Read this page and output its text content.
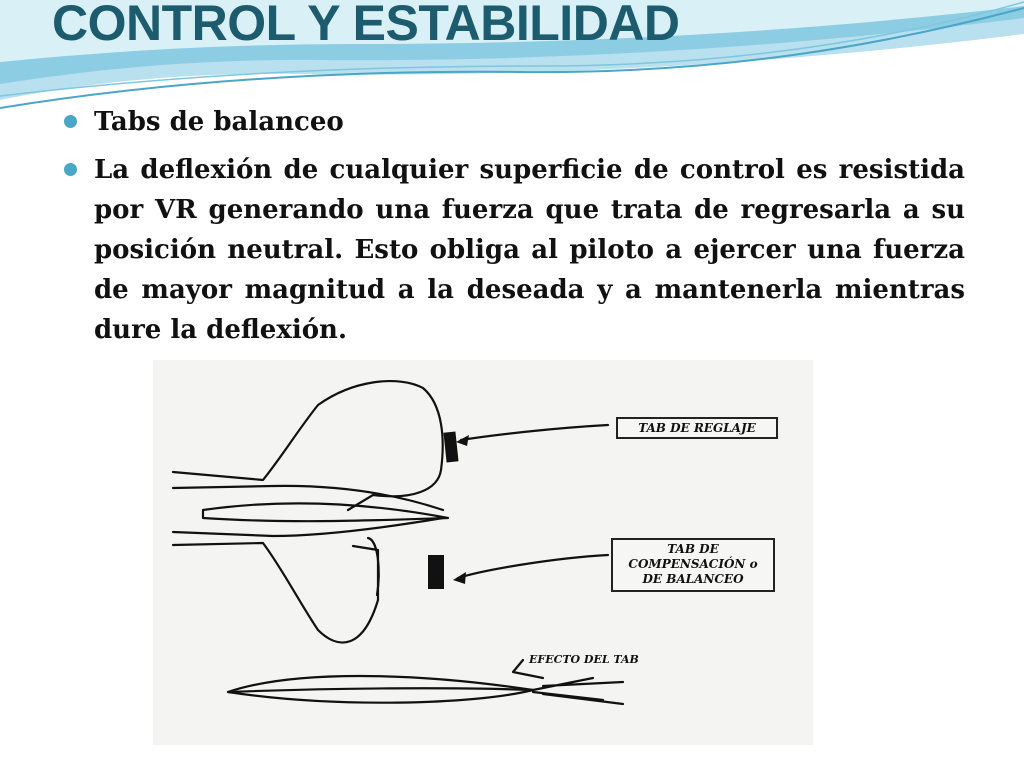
CONTROL Y ESTABILIDAD
Tabs de balanceo
La deflexión de cualquier superficie de control es resistida por VR generando una fuerza que trata de regresarla a su posición neutral. Esto obliga al piloto a ejercer una fuerza de mayor magnitud a la deseada y a mantenerla mientras dure la deflexión.
TAB DE REGLAJE
TAB DE
COMPENSACIÓN o
DE BALANCEO
EFECTO DEL TAB
